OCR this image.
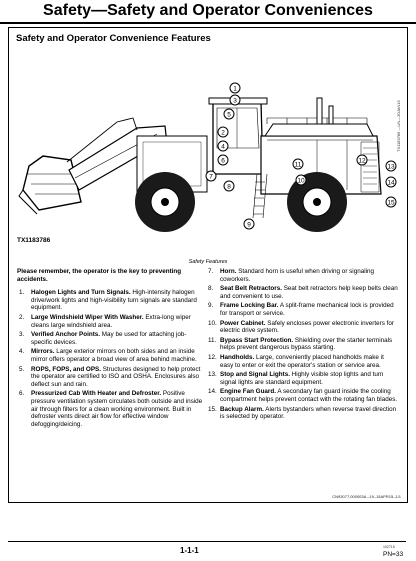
Safety—Safety and Operator Conveniences
Safety and Operator Convenience Features
3
1
5
2
4
6
7
8
9
11
10
12
13
14
15
TX1183786 —UN—30JAN15
TX1183786
Safety Features
Please remember, the operator is the key to preventing accidents.
1. Halogen Lights and Turn Signals. High-intensity halogen drive/work lights and high-visibility turn signals are standard equipment.
2. Large Windshield Wiper With Washer. Extra-long wiper cleans large windshield area.
3. Verified Anchor Points. May be used for attaching job-specific devices.
4. Mirrors. Large exterior mirrors on both sides and an inside mirror offers operator a broad view of area behind machine.
5. ROPS, FOPS, and OPS. Structures designed to help protect the operator are certified to ISO and OSHA. Enclosures also deflect sun and rain.
6. Pressurized Cab With Heater and Defroster. Positive pressure ventilation system circulates both outside and inside air through filters for a clean working environment. Built in defroster vents direct air flow for effective window defogging/deicing.
7. Horn. Standard horn is useful when driving or signaling coworkers.
8. Seat Belt Retractors. Seat belt retractors help keep belts clean and convenient to use.
9. Frame Locking Bar. A split-frame mechanical lock is provided for transport or service.
10. Power Cabinet. Safely encloses power electronic inverters for electric drive system.
11. Bypass Start Protection. Shielding over the starter terminals helps prevent dangerous bypass starting.
12. Handholds. Large, conveniently placed handholds make it easy to enter or exit the operator's station or service area.
13. Stop and Signal Lights. Highly visible stop lights and turn signal lights are standard equipment.
14. Engine Fan Guard. A secondary fan guard inside the cooling compartment helps prevent contact with the rotating fan blades.
15. Backup Alarm. Alerts bystanders when reverse travel direction is selected by operator.
CN93077,000003A –19–15APR15–1/1
1-1-1	102715
PN=33
